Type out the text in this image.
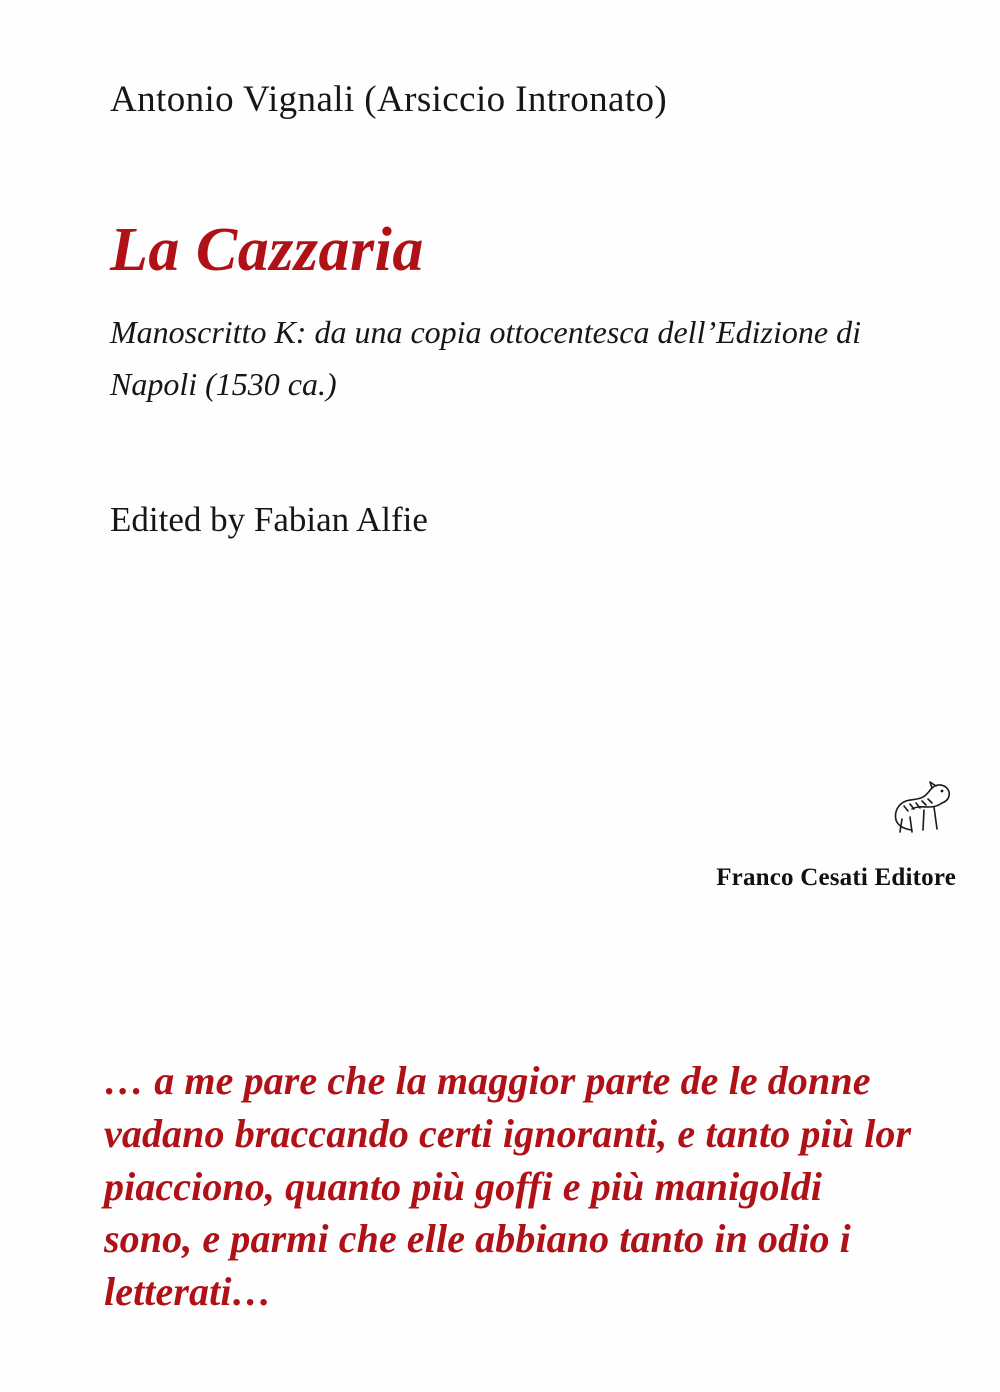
Antonio Vignali (Arsiccio Intronato)
La Cazzaria
Manoscritto K: da una copia ottocentesca dell’Edizione di Napoli (1530 ca.)
Edited by Fabian Alfie
Franco Cesati Editore
… a me pare che la maggior parte de le donne vadano braccando certi ignoranti, e tanto più lor piacciono, quanto più goffi e più manigoldi sono, e parmi che elle abbiano tanto in odio i letterati…
